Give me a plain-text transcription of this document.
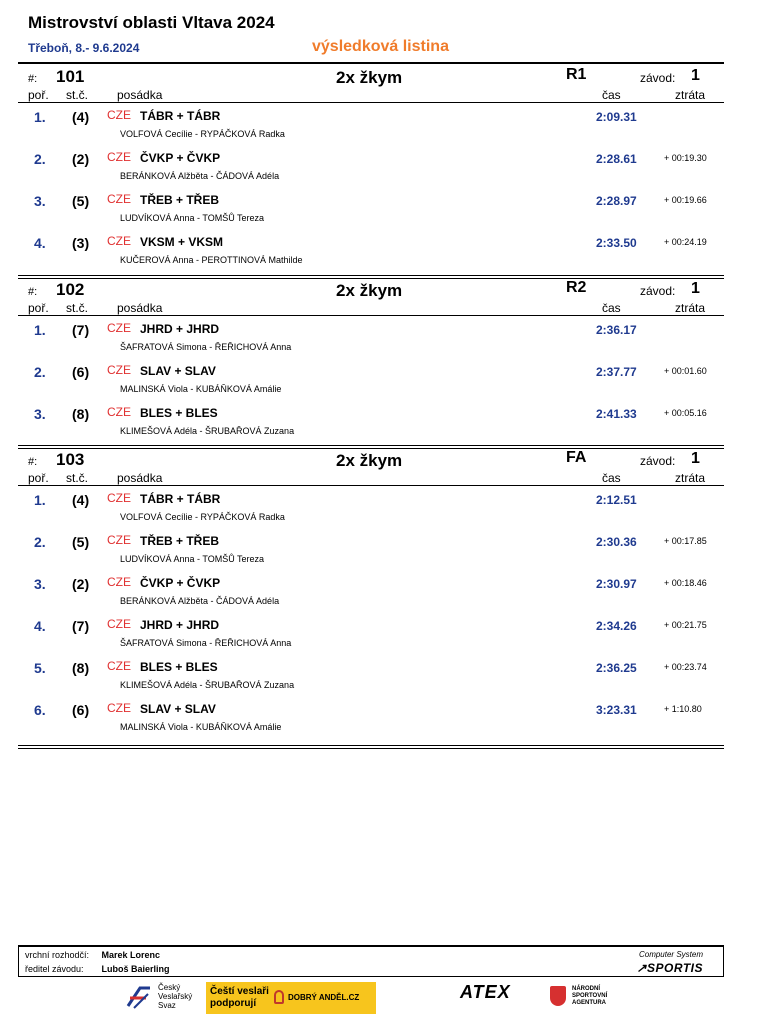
Mistrovství oblasti Vltava 2024
Třeboň, 8.- 9.6.2024	výsledková listina
#: 101	2x žkym	R1	závod: 1
poř. st.č. posádka	čas	ztráta
1. (4) CZE TÁBR + TÁBR
VOLFOVÁ Cecílie - RYPÁČKOVÁ Radka
2:09.31
2. (2) CZE ČVKP + ČVKP
BERÁNKOVÁ Alžběta - ČÁDOVÁ Adéla
2:28.61	+ 00:19.30
3. (5) CZE TŘEB + TŘEB
LUDVÍKOVÁ Anna - TOMŠŮ Tereza
2:28.97	+ 00:19.66
4. (3) CZE VKSM + VKSM
KUČEROVÁ Anna - PEROTTINOVÁ Mathilde
2:33.50	+ 00:24.19
#: 102	2x žkym	R2	závod: 1
poř. st.č. posádka	čas	ztráta
1. (7) CZE JHRD + JHRD
ŠAFRATOVÁ Simona - ŘEŘICHOVÁ Anna
2:36.17
2. (6) CZE SLAV + SLAV
MALINSKÁ Viola - KUBÁŇKOVÁ Amálie
2:37.77	+ 00:01.60
3. (8) CZE BLES + BLES
KLIMEŠOVÁ Adéla - ŠRUBAŘOVÁ Zuzana
2:41.33	+ 00:05.16
#: 103	2x žkym	FA	závod: 1
poř. st.č. posádka	čas	ztráta
1. (4) CZE TÁBR + TÁBR
VOLFOVÁ Cecílie - RYPÁČKOVÁ Radka
2:12.51
2. (5) CZE TŘEB + TŘEB
LUDVÍKOVÁ Anna - TOMŠŮ Tereza
2:30.36	+ 00:17.85
3. (2) CZE ČVKP + ČVKP
BERÁNKOVÁ Alžběta - ČÁDOVÁ Adéla
2:30.97	+ 00:18.46
4. (7) CZE JHRD + JHRD
ŠAFRATOVÁ Simona - ŘEŘICHOVÁ Anna
2:34.26	+ 00:21.75
5. (8) CZE BLES + BLES
KLIMEŠOVÁ Adéla - ŠRUBAŘOVÁ Zuzana
2:36.25	+ 00:23.74
6. (6) CZE SLAV + SLAV
MALINSKÁ Viola - KUBÁŇKOVÁ Amálie
3:23.31	+ 1:10.80
vrchní rozhodčí: Marek Lorenc
ředitel závodu: Luboš Baierling
Computer System
↗SPORTIS
Český
Veslařský
Svaz
Čeští veslaři
podporují
DOBRÝ ANDĚL.CZ	ATEX	NÁRODNÍ
SPORTOVNÍ
AGENTURA
